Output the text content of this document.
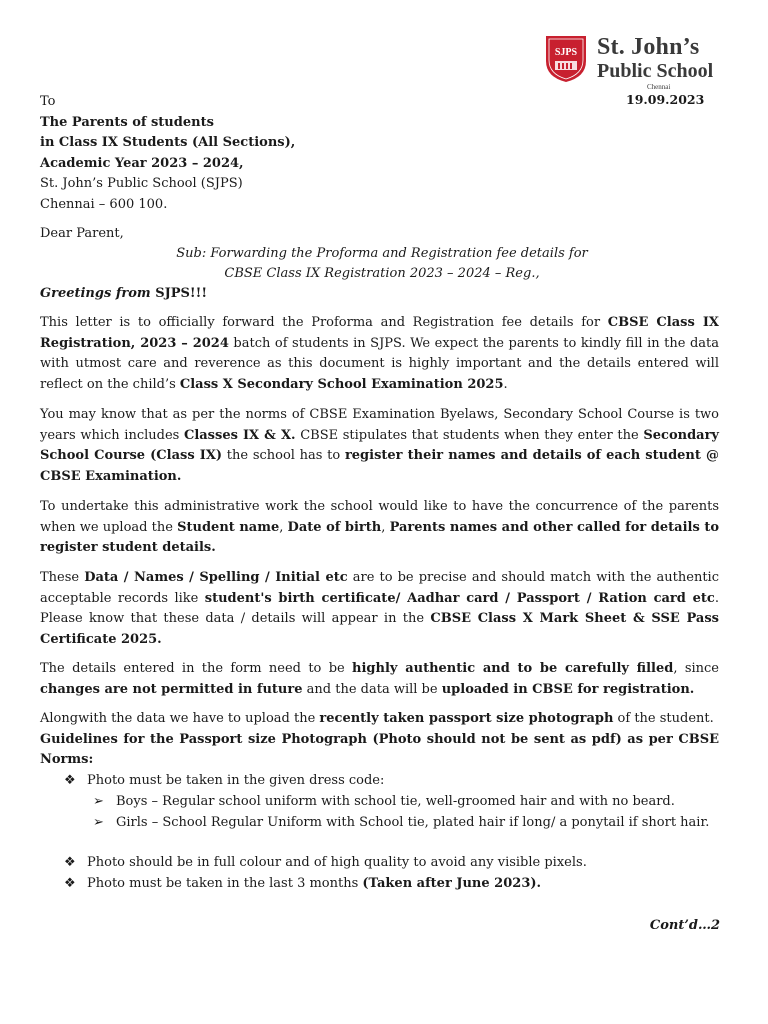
SJPS St. John’s
Public School
Chennai
19.09.2023
To
The Parents of students
in Class IX Students (All Sections),
Academic Year 2023 – 2024,
St. John’s Public School (SJPS)
Chennai – 600 100.
Dear Parent,
Sub: Forwarding the Proforma and Registration fee details for
CBSE Class IX Registration 2023 – 2024 – Reg.,
Greetings from SJPS!!!
This letter is to officially forward the Proforma and Registration fee details for CBSE Class IX Registration, 2023 – 2024 batch of students in SJPS. We expect the parents to kindly fill in the data with utmost care and reverence as this document is highly important and the details entered will reflect on the child’s Class X Secondary School Examination 2025.
You may know that as per the norms of CBSE Examination Byelaws, Secondary School Course is two years which includes Classes IX & X. CBSE stipulates that students when they enter the Secondary School Course (Class IX) the school has to register their names and details of each student @ CBSE Examination.
To undertake this administrative work the school would like to have the concurrence of the parents when we upload the Student name, Date of birth, Parents names and other called for details to register student details.
These Data / Names / Spelling / Initial etc are to be precise and should match with the authentic acceptable records like student's birth certificate/ Aadhar card / Passport / Ration card etc. Please know that these data / details will appear in the CBSE Class X Mark Sheet & SSE Pass Certificate 2025.
The details entered in the form need to be highly authentic and to be carefully filled, since changes are not permitted in future and the data will be uploaded in CBSE for registration.
Alongwith the data we have to upload the recently taken passport size photograph of the student.
Guidelines for the Passport size Photograph (Photo should not be sent as pdf) as per CBSE Norms:
❖ Photo must be taken in the given dress code:
➢ Boys – Regular school uniform with school tie, well-groomed hair and with no beard.
➢ Girls – School Regular Uniform with School tie, plated hair if long/ a ponytail if short hair.
❖ Photo should be in full colour and of high quality to avoid any visible pixels.
❖ Photo must be taken in the last 3 months (Taken after June 2023).
Cont’d…2
